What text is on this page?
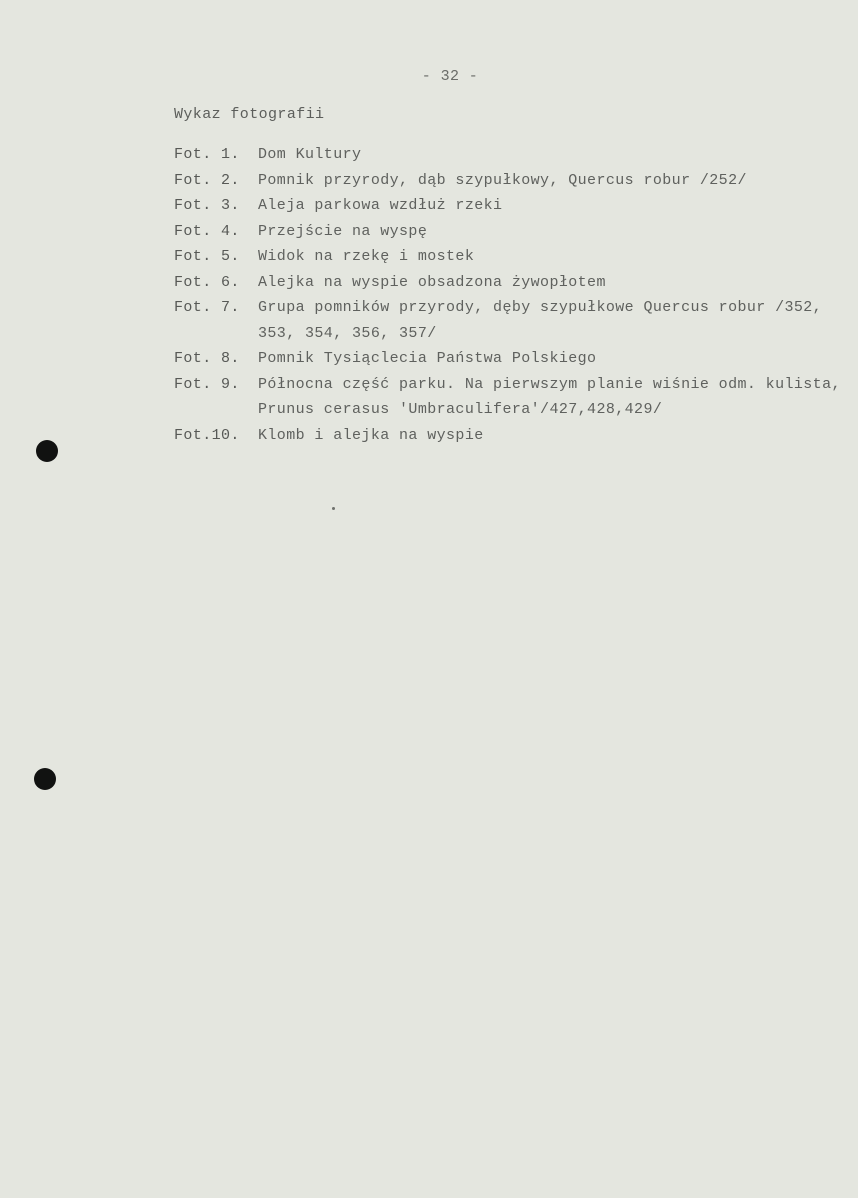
- 32 -
Wykaz fotografii
Fot. 1.	Dom Kultury
Fot. 2.	Pomnik przyrody, dąb szypułkowy, Quercus robur /252/
Fot. 3.	Aleja parkowa wzdłuż rzeki
Fot. 4.	Przejście na wyspę
Fot. 5.	Widok na rzekę i mostek
Fot. 6.	Alejka na wyspie obsadzona żywopłotem
Fot. 7.	Grupa pomników przyrody, dęby szypułkowe Quercus robur /352, 353, 354, 356, 357/
Fot. 8.	Pomnik Tysiąclecia Państwa Polskiego
Fot. 9.	Północna część parku. Na pierwszym planie wiśnie odm. kulista, Prunus cerasus 'Umbraculifera'/427,428,429/
Fot.10.	Klomb i alejka na wyspie
